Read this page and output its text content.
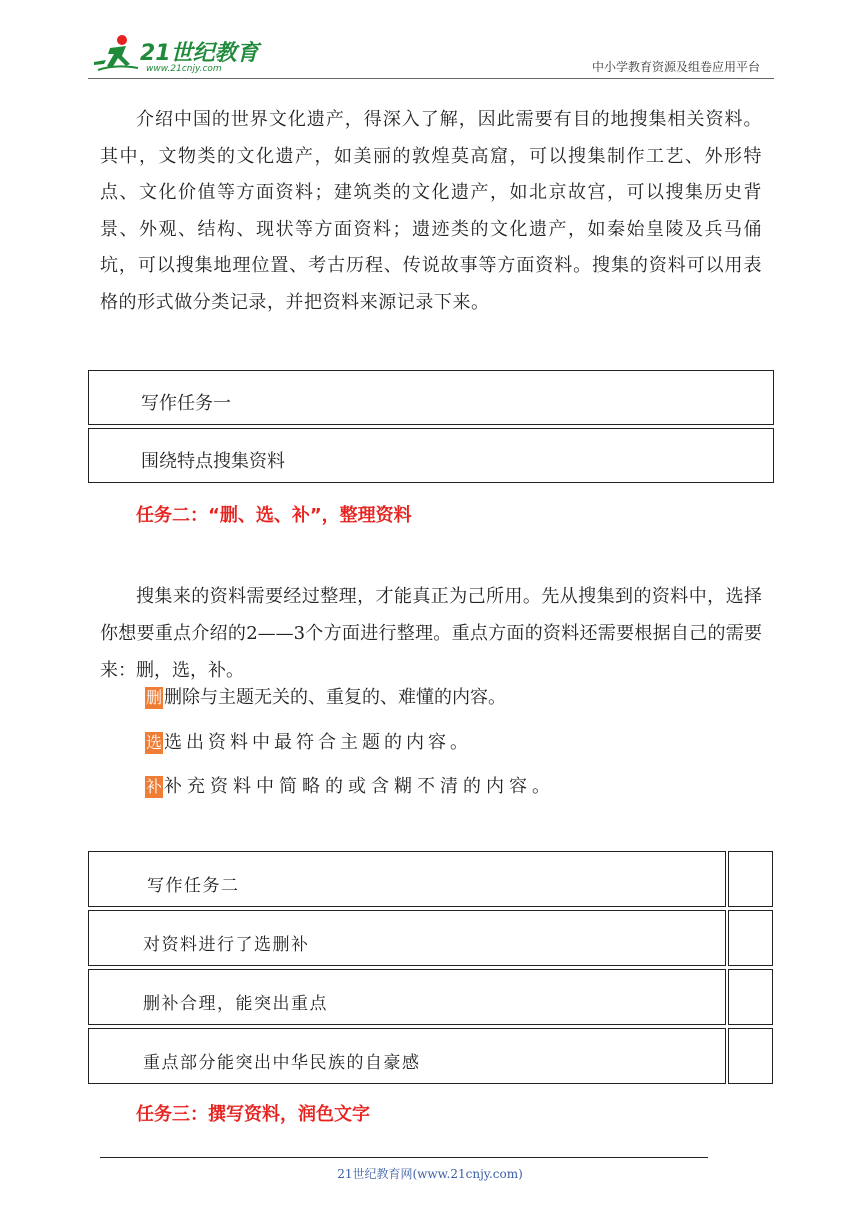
21世纪教育
www.21cnjy.com	中小学教育资源及组卷应用平台

介绍中国的世界文化遗产，得深入了解，因此需要有目的地搜集相关资料。其中，文物类的文化遗产，如美丽的敦煌莫高窟，可以搜集制作工艺、外形特点、文化价值等方面资料；建筑类的文化遗产，如北京故宫，可以搜集历史背景、外观、结构、现状等方面资料；遗迹类的文化遗产，如秦始皇陵及兵马俑坑，可以搜集地理位置、考古历程、传说故事等方面资料。搜集的资料可以用表格的形式做分类记录，并把资料来源记录下来。

写作任务一
围绕特点搜集资料
任务二：“删、选、补”，整理资料

搜集来的资料需要经过整理，才能真正为己所用。先从搜集到的资料中，选择你想要重点介绍的2——3个方面进行整理。重点方面的资料还需要根据自己的需要来：删，选，补。

删 删除与主题无关的、重复的、难懂的内容。
选 选出资料中最符合主题的内容。
补 补充资料中简略的或含糊不清的内容。
写作任务二
对资料进行了选删补
删补合理，能突出重点
重点部分能突出中华民族的自豪感
任务三：撰写资料，润色文字
21世纪教育网(www.21cnjy.com)
